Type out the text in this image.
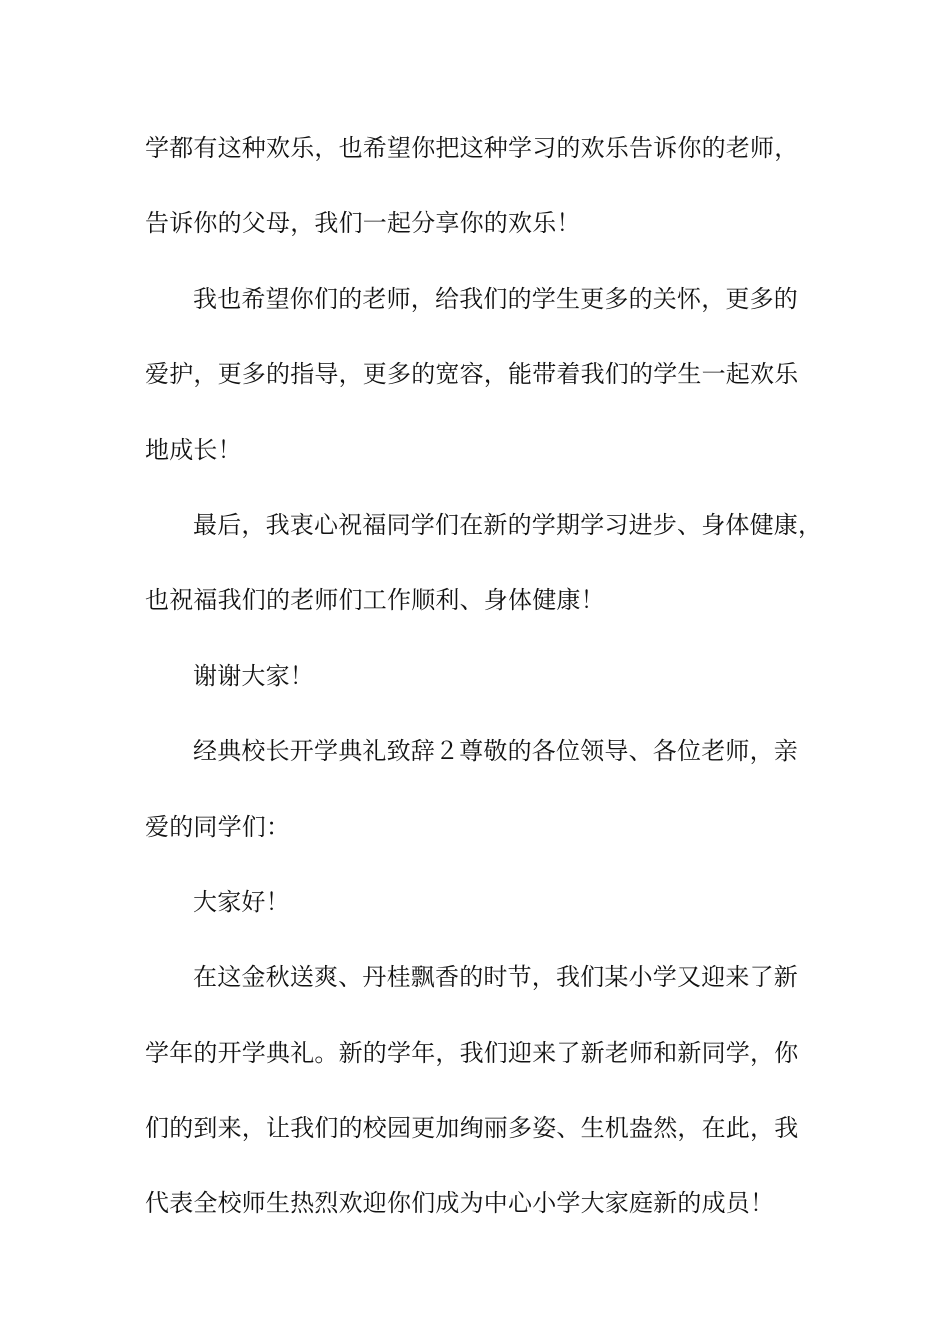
学都有这种欢乐，也希望你把这种学习的欢乐告诉你的老师，
告诉你的父母，我们一起分享你的欢乐！
我也希望你们的老师，给我们的学生更多的关怀，更多的
爱护，更多的指导，更多的宽容，能带着我们的学生一起欢乐
地成长！
最后，我衷心祝福同学们在新的学期学习进步、身体健康，
也祝福我们的老师们工作顺利、身体健康！
谢谢大家！
经典校长开学典礼致辞２尊敬的各位领导、各位老师，亲
爱的同学们：
大家好！
在这金秋送爽、丹桂飘香的时节，我们某小学又迎来了新
学年的开学典礼。新的学年，我们迎来了新老师和新同学，你
们的到来，让我们的校园更加绚丽多姿、生机盎然，在此，我
代表全校师生热烈欢迎你们成为中心小学大家庭新的成员！
